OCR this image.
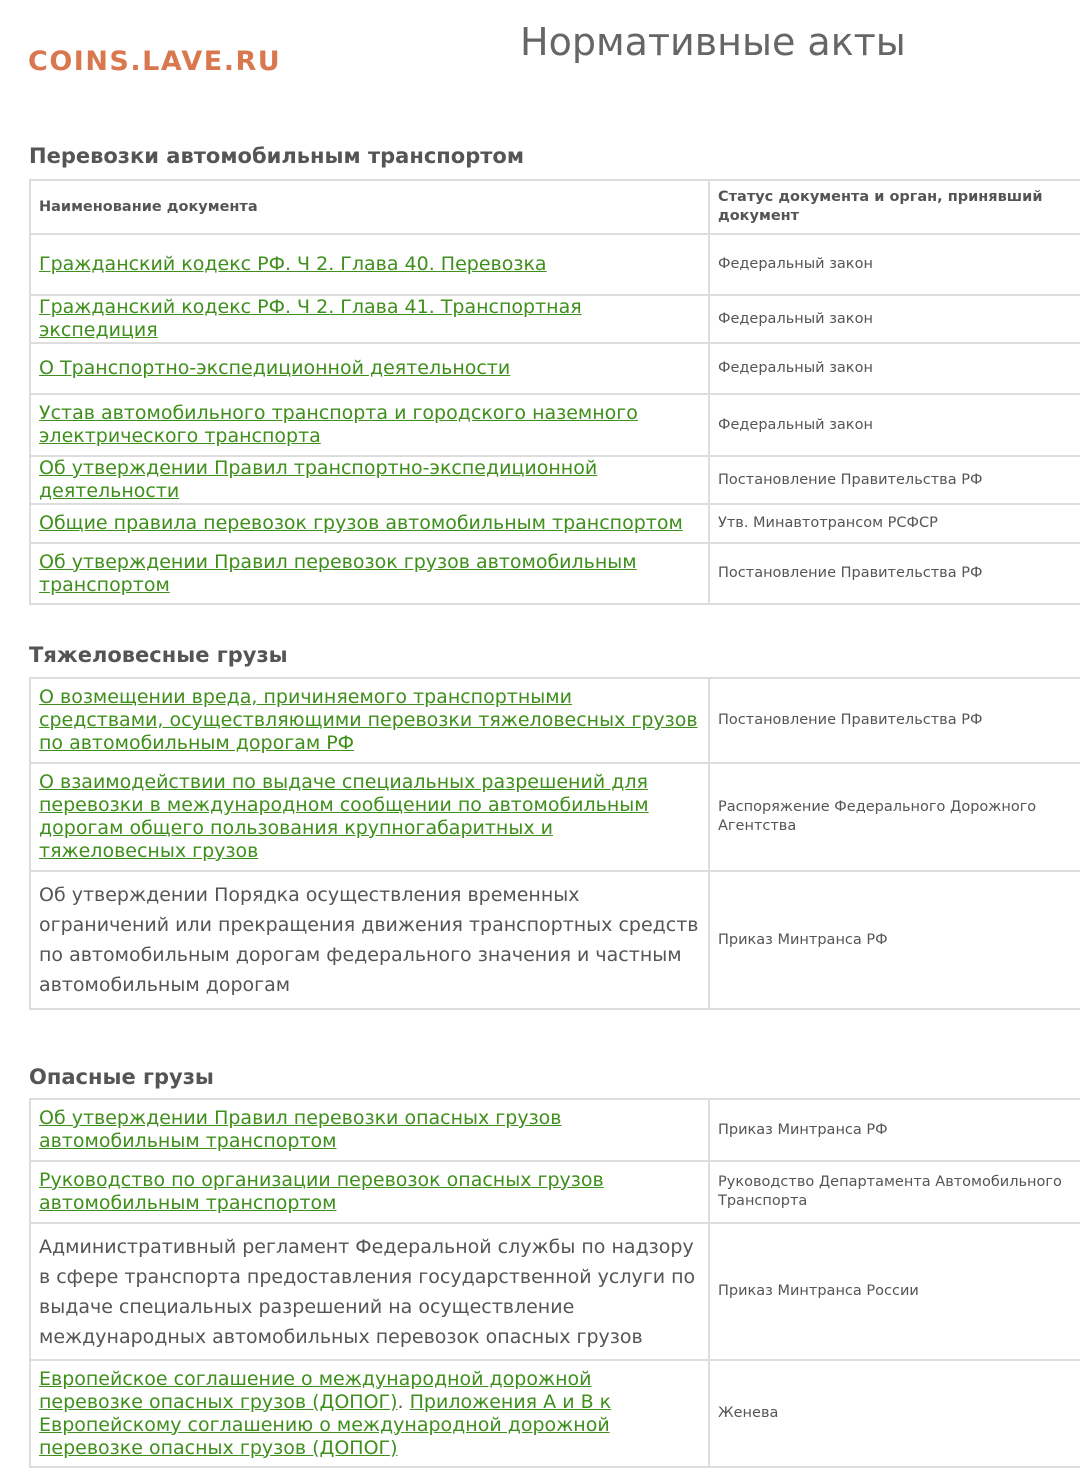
COINS.LAVE.RU	Нормативные акты
Перевозки автомобильным транспортом
Наименование документа	Статус документа и орган, принявший документ
Гражданский кодекс РФ. Ч 2. Глава 40. Перевозка	Федеральный закон
Гражданский кодекс РФ. Ч 2. Глава 41. Транспортная экспедиция	Федеральный закон
О Транспортно-экспедиционной деятельности	Федеральный закон
Устав автомобильного транспорта и городского наземного электрического транспорта	Федеральный закон
Об утверждении Правил транспортно-экспедиционной деятельности	Постановление Правительства РФ
Общие правила перевозок грузов автомобильным транспортом	Утв. Минавтотрансом РСФСР
Об утверждении Правил перевозок грузов автомобильным транспортом	Постановление Правительства РФ
Тяжеловесные грузы
О возмещении вреда, причиняемого транспортными средствами, осуществляющими перевозки тяжеловесных грузов по автомобильным дорогам РФ	Постановление Правительства РФ
О взаимодействии по выдаче специальных разрешений для перевозки в международном сообщении по автомобильным дорогам общего пользования крупногабаритных и тяжеловесных грузов	Распоряжение Федерального Дорожного Агентства
Об утверждении Порядка осуществления временных ограничений или прекращения движения транспортных средств по автомобильным дорогам федерального значения и частным автомобильным дорогам	Приказ Минтранса РФ
Опасные грузы
Об утверждении Правил перевозки опасных грузов автомобильным транспортом	Приказ Минтранса РФ
Руководство по организации перевозок опасных грузов автомобильным транспортом	Руководство Департамента Автомобильного Транспорта
Административный регламент Федеральной службы по надзору в сфере транспорта предоставления государственной услуги по выдаче специальных разрешений на осуществление международных автомобильных перевозок опасных грузов	Приказ Минтранса России
Европейское соглашение о международной дорожной перевозке опасных грузов (ДОПОГ). Приложения А и В к Европейскому соглашению о международной дорожной перевозке опасных грузов (ДОПОГ)	Женева
